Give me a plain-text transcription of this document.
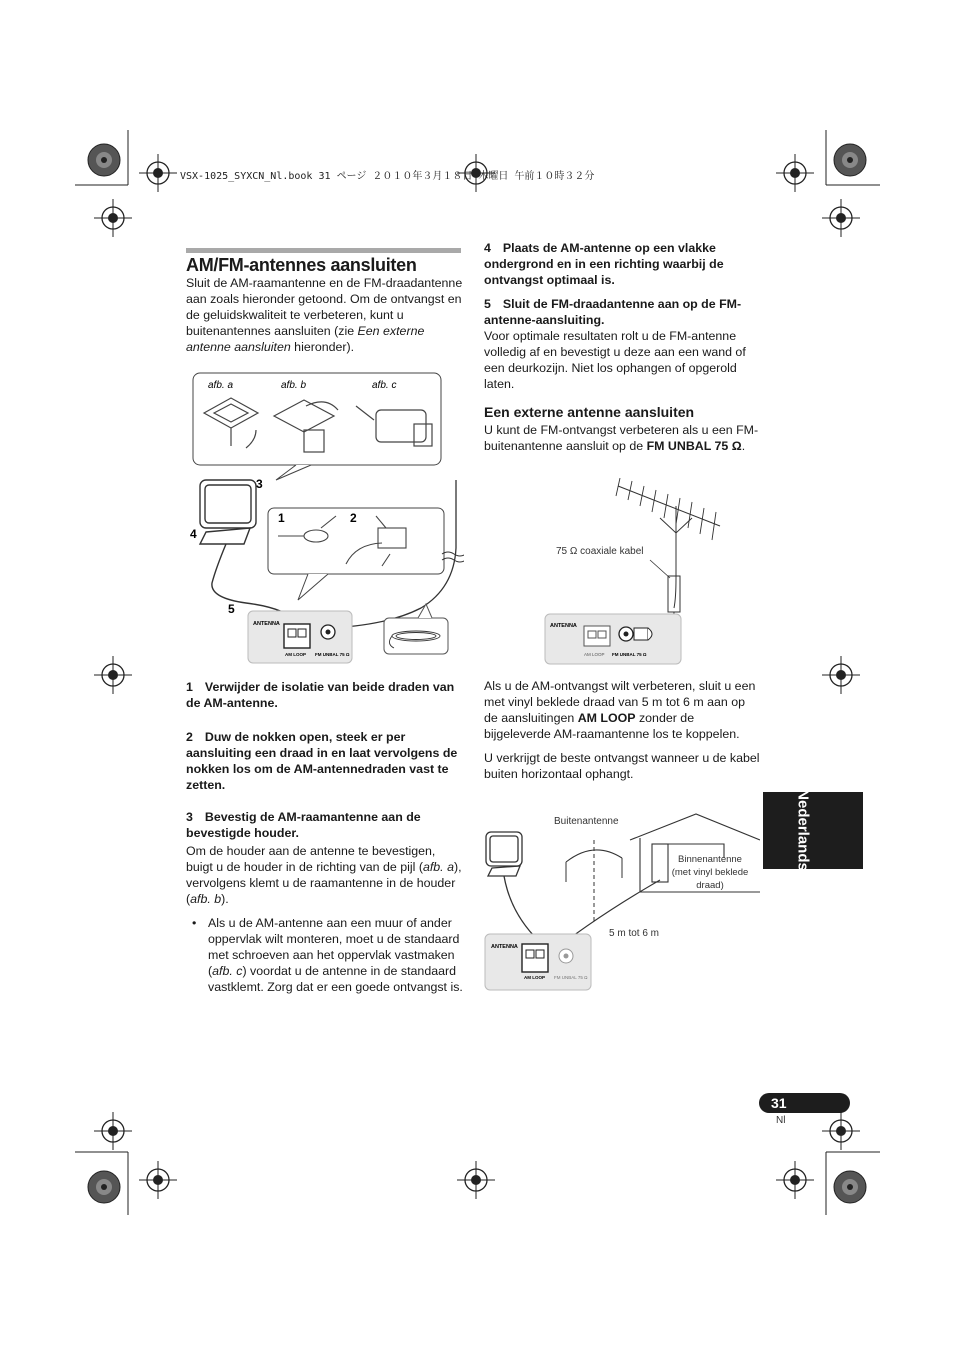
VSX-1025_SYXCN_Nl.book 31 ページ ２０１０年３月１８日 木曜日 午前１０時３２分
AM/FM-antennes aansluiten

Sluit de AM-raamantenne en de FM-draadantenne aan zoals hieronder getoond. Om de ontvangst en de geluidskwaliteit te verbeteren, kunt u buitenantennes aansluiten (zie Een externe antenne aansluiten hieronder).

afb. a	afb. b	afb. c
3
4
5
1	2
ANTENNA
AM LOOP FM UNBAL 75 Ω
1 Verwijder de isolatie van beide draden van de AM-antenne.
2 Duw de nokken open, steek er per aansluiting een draad in en laat vervolgens de nokken los om de AM-antennedraden vast te zetten.
3 Bevestig de AM-raamantenne aan de bevestigde houder.

Om de houder aan de antenne te bevestigen, buigt u de houder in de richting van de pijl (afb. a), vervolgens klemt u de raamantenne in de houder (afb. b).

• Als u de AM-antenne aan een muur of ander oppervlak wilt monteren, moet u de standaard met schroeven aan het oppervlak vastmaken (afb. c) voordat u de antenne in de standaard vastklemt. Zorg dat er een goede ontvangst is.

4 Plaats de AM-antenne op een vlakke ondergrond en in een richting waarbij de ontvangst optimaal is.
5 Sluit de FM-draadantenne aan op de FM-antenne-aansluiting.

Voor optimale resultaten rolt u de FM-antenne volledig af en bevestigt u deze aan een wand of een deurkozijn. Niet los ophangen of opgerold laten.

Een externe antenne aansluiten

U kunt de FM-ontvangst verbeteren als u een FM-buitenantenne aansluit op de FM UNBAL 75 Ω.

75 Ω coaxiale kabel
ANTENNA
AM LOOP FM UNBAL 75 Ω

Als u de AM-ontvangst wilt verbeteren, sluit u een met vinyl beklede draad van 5 m tot 6 m aan op de aansluitingen AM LOOP zonder de bijgeleverde AM-raamantenne los te koppelen.

U verkrijgt de beste ontvangst wanneer u de kabel buiten horizontaal ophangt.

Buitenantenne
Binnenantenne
(met vinyl beklede
draad)
5 m tot 6 m
ANTENNA
AM LOOP FM UNBAL 75 Ω
Nederlands
31
Nl
